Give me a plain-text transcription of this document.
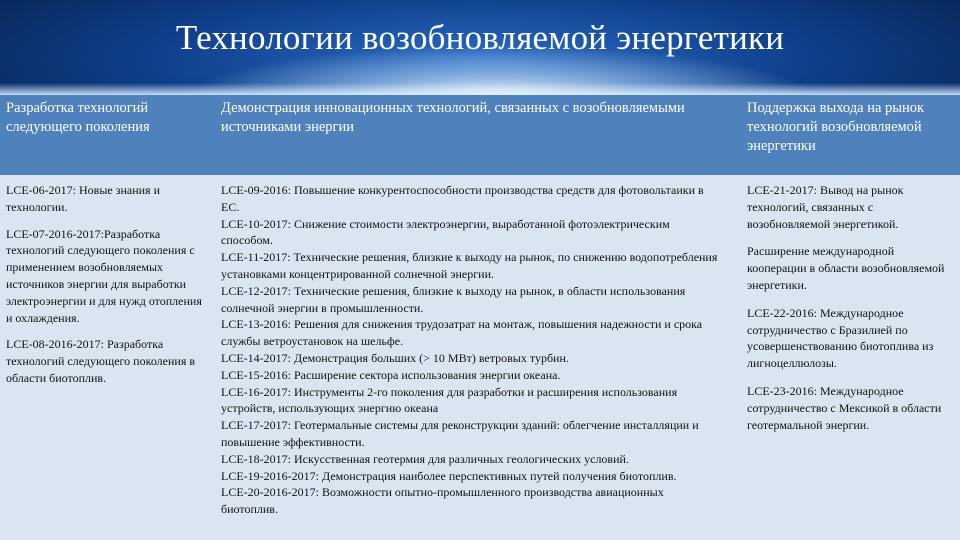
Технологии возобновляемой энергетики
Разработка технологий следующего поколения
Демонстрация инновационных технологий, связанных с возобновляемыми источниками энергии
Поддержка выхода на рынок технологий возобновляемой энергетики

LCE-06-2017: Новые знания и технологии.

LCE-07-2016-2017:Разработка технологий следующего поколения с применением возобновляемых источников энергии для выработки электроэнергии и для нужд отопления и охлаждения.

LCE-08-2016-2017: Разработка технологий следующего поколения в области биотоплив.

LCE-09-2016: Повышение конкурентоспособности производства средств для фотовольтаики в ЕС.

LCE-10-2017: Снижение стоимости электроэнергии, выработанной фотоэлектрическим способом.

LCE-11-2017: Технические решения, близкие к выходу на рынок, по снижению водопотребления установками концентрированной солнечной энергии.

LCE-12-2017: Технические решения, близкие к выходу на рынок, в области использования солнечной энергии в промышленности.

LCE-13-2016: Решения для снижения трудозатрат на монтаж, повышения надежности и срока службы ветроустановок на шельфе.

LCE-14-2017: Демонстрация больших (> 10 МВт) ветровых турбин.

LCE-15-2016: Расширение сектора использования энергии океана.

LCE-16-2017: Инструменты 2-го поколения для разработки и расширения использования устройств, использующих энергию океана

LCE-17-2017: Геотермальные системы для реконструкции зданий: облегчение инсталляции и повышение эффективности.

LCE-18-2017: Искусственная геотермия для различных геологических условий.

LCE-19-2016-2017: Демонстрация наиболее перспективных путей получения биотоплив.

LCE-20-2016-2017: Возможности опытно-промышленного производства авиационных биотоплив.

LCE-21-2017: Вывод на рынок технологий, связанных с возобновляемой энергетикой.

Расширение международной кооперации в области возобновляемой энергетики.

LCE-22-2016: Международное сотрудничество с Бразилией по усовершенствованию биотоплива из лигноцеллюлозы.

LCE-23-2016: Международное сотрудничество с Мексикой в области геотермальной энергии.
